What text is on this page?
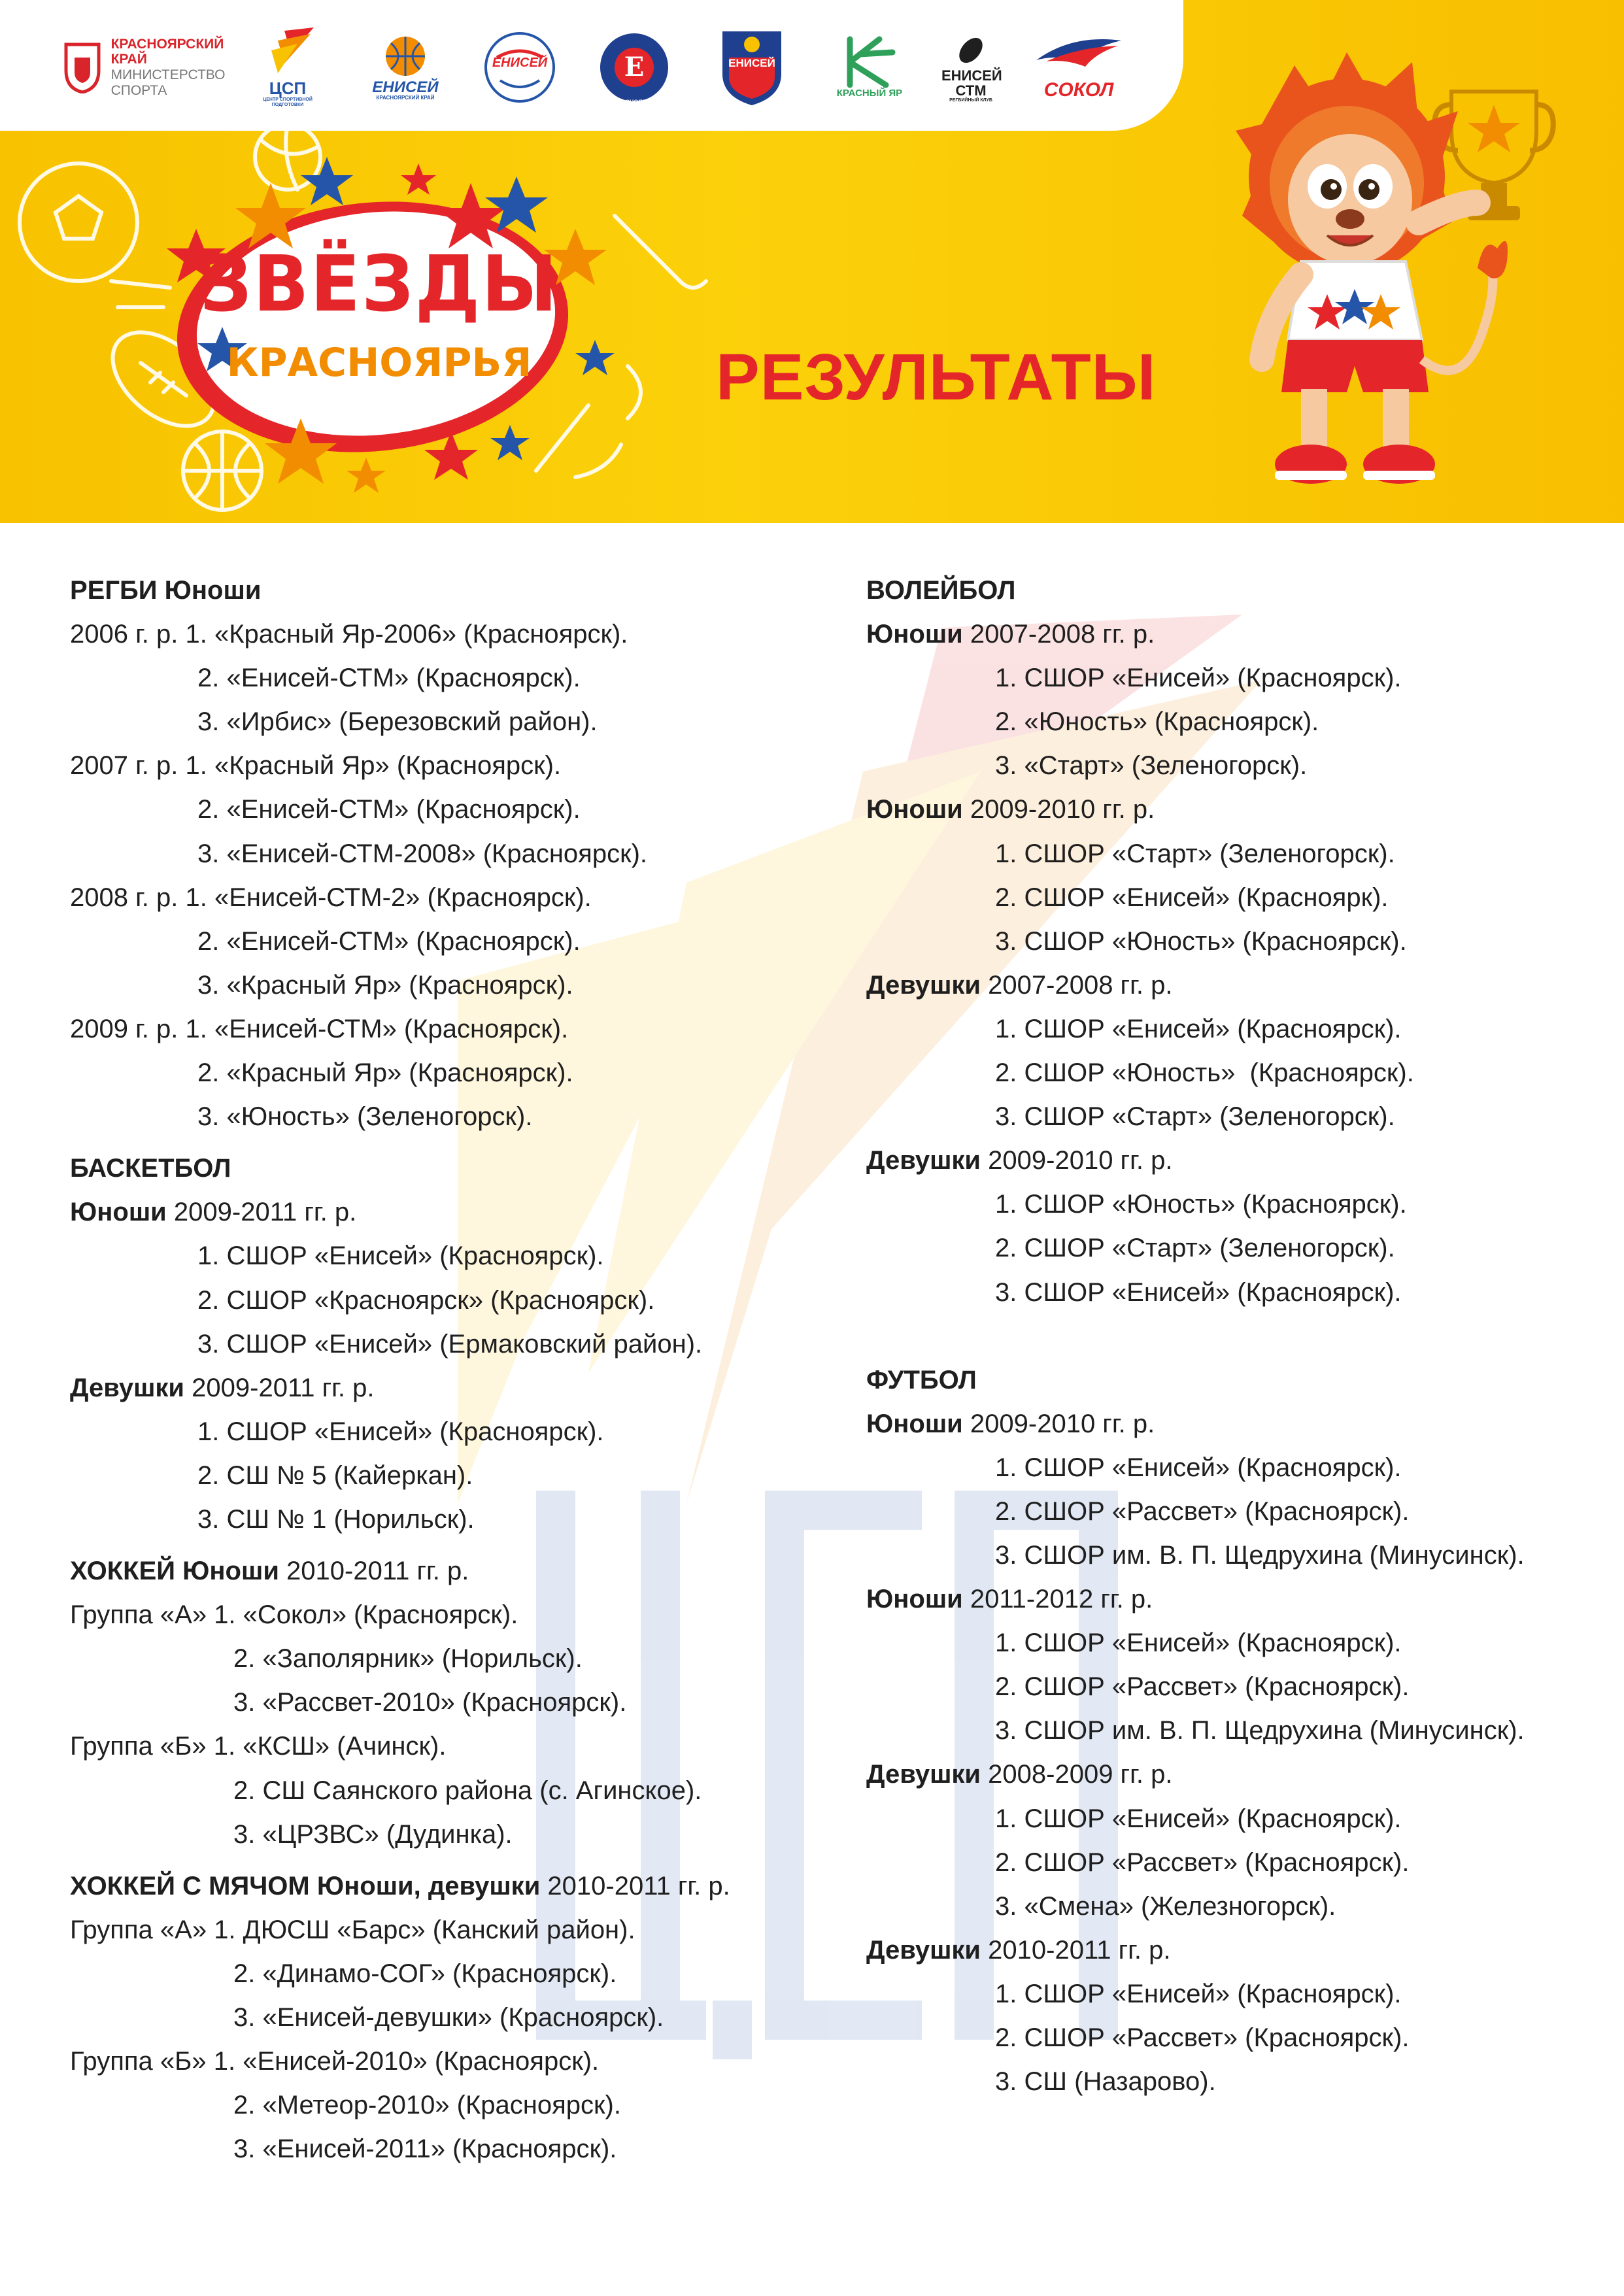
КРАСНОЯРСКИЙ
КРАЙ
МИНИСТЕРСТВО
СПОРТА	ЦСП
ЦЕНТР СПОРТИВНОЙ ПОДГОТОВКИ
ЕНИСЕЙ
КРАСНОЯРСКИЙ КРАЙ
ЕНИСЕЙ	Е
ЕНИСЕЙ
КРАСНОЯРСК
ЕНИСЕЙ
КРАСНЫЙ ЯР
ЕНИСЕЙ СТМ
РЕГБИЙНЫЙ КЛУБ	СОКОЛ
ЗВЁЗДЫ
КРАСНОЯРЬЯ	РЕЗУЛЬТАТЫ
РЕГБИ Юноши
2006 г. р. 1. «Красный Яр-2006» (Красноярск).
2. «Енисей-СТМ» (Красноярск).
3. «Ирбис» (Березовский район).
2007 г. р. 1. «Красный Яр» (Красноярск).
2. «Енисей-СТМ» (Красноярск).
3. «Енисей-СТМ-2008» (Красноярск).
2008 г. р. 1. «Енисей-СТМ-2» (Красноярск).
2. «Енисей-СТМ» (Красноярск).
3. «Красный Яр» (Красноярск).
2009 г. р. 1. «Енисей-СТМ» (Красноярск).
2. «Красный Яр» (Красноярск).
3. «Юность» (Зеленогорск).
БАСКЕТБОЛ
Юноши 2009-2011 гг. р.
1. СШОР «Енисей» (Красноярск).
2. СШОР «Красноярск» (Красноярск).
3. СШОР «Енисей» (Ермаковский район).
Девушки 2009-2011 гг. р.
1. СШОР «Енисей» (Красноярск).
2. СШ № 5 (Кайеркан).
3. СШ № 1 (Норильск).
ХОККЕЙ Юноши 2010-2011 гг. р.
Группа «А» 1. «Сокол» (Красноярск).
2. «Заполярник» (Норильск).
3. «Рассвет-2010» (Красноярск).
Группа «Б» 1. «КСШ» (Ачинск).
2. СШ Саянского района (с. Агинское).
3. «ЦРЗВС» (Дудинка).
ХОККЕЙ С МЯЧОМ Юноши, девушки 2010-2011 гг. р.
Группа «А» 1. ДЮСШ «Барс» (Канский район).
2. «Динамо-СОГ» (Красноярск).
3. «Енисей-девушки» (Красноярск).
Группа «Б» 1. «Енисей-2010» (Красноярск).
2. «Метеор-2010» (Красноярск).
3. «Енисей-2011» (Красноярск).
ВОЛЕЙБОЛ
Юноши 2007-2008 гг. р.
1. СШОР «Енисей» (Красноярск).
2. «Юность» (Красноярск).
3. «Старт» (Зеленогорск).
Юноши 2009-2010 гг. р.
1. СШОР «Старт» (Зеленогорск).
2. СШОР «Енисей» (Красноярк).
3. СШОР «Юность» (Красноярск).
Девушки 2007-2008 гг. р.
1. СШОР «Енисей» (Красноярск).
2. СШОР «Юность»  (Красноярск).
3. СШОР «Старт» (Зеленогорск).
Девушки 2009-2010 гг. р.
1. СШОР «Юность» (Красноярск).
2. СШОР «Старт» (Зеленогорск).
3. СШОР «Енисей» (Красноярск).
ФУТБОЛ
Юноши 2009-2010 гг. р.
1. СШОР «Енисей» (Красноярск).
2. СШОР «Рассвет» (Красноярск).
3. СШОР им. В. П. Щедрухина (Минусинск).
Юноши 2011-2012 гг. р.
1. СШОР «Енисей» (Красноярск).
2. СШОР «Рассвет» (Красноярск).
3. СШОР им. В. П. Щедрухина (Минусинск).
Девушки 2008-2009 гг. р.
1. СШОР «Енисей» (Красноярск).
2. СШОР «Рассвет» (Красноярск).
3. «Смена» (Железногорск).
Девушки 2010-2011 гг. р.
1. СШОР «Енисей» (Красноярск).
2. СШОР «Рассвет» (Красноярск).
3. СШ (Назарово).
